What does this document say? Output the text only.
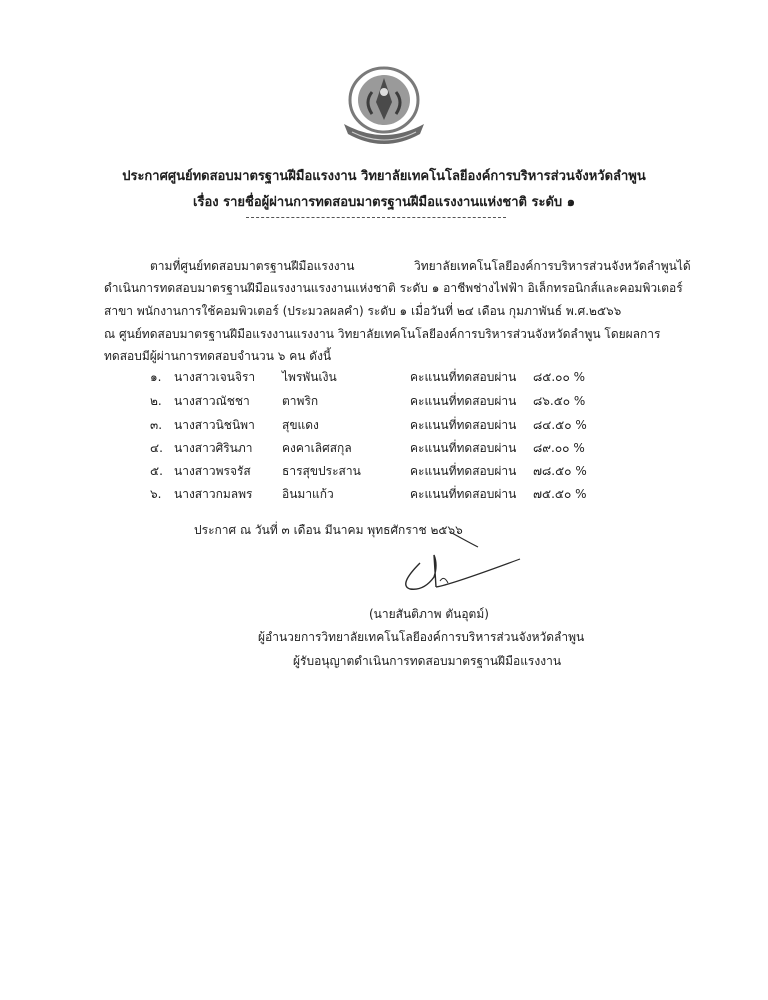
ประกาศศูนย์ทดสอบมาตรฐานฝีมือแรงงาน วิทยาลัยเทคโนโลยีองค์การบริหารส่วนจังหวัดลำพูน
เรื่อง รายชื่อผู้ผ่านการทดสอบมาตรฐานฝีมือแรงงานแห่งชาติ ระดับ ๑
ตามที่ศูนย์ทดสอบมาตรฐานฝีมือแรงงาน	วิทยาลัยเทคโนโลยีองค์การบริหารส่วนจังหวัดลำพูนได้
ดำเนินการทดสอบมาตรฐานฝีมือแรงงานแรงงานแห่งชาติ ระดับ ๑ อาชีพช่างไฟฟ้า อิเล็กทรอนิกส์และคอมพิวเตอร์
สาขา พนักงานการใช้คอมพิวเตอร์ (ประมวลผลคำ) ระดับ ๑ เมื่อวันที่ ๒๔ เดือน กุมภาพันธ์ พ.ศ.๒๕๖๖
ณ ศูนย์ทดสอบมาตรฐานฝีมือแรงงานแรงงาน วิทยาลัยเทคโนโลยีองค์การบริหารส่วนจังหวัดลำพูน โดยผลการ
ทดสอบมีผู้ผ่านการทดสอบจำนวน ๖ คน ดังนี้
๑. นางสาวเจนจิรา ไพรพันเงิน	คะแนนที่ทดสอบผ่าน ๘๕.๐๐ %
๒. นางสาวณัชชา	ตาพริก	คะแนนที่ทดสอบผ่าน ๘๖.๕๐ %
๓. นางสาวนิชนิพา สุขแดง	คะแนนที่ทดสอบผ่าน ๘๔.๕๐ %
๔. นางสาวศิรินภา คงคาเลิศสกุล	คะแนนที่ทดสอบผ่าน ๘๙.๐๐ %
๕. นางสาวพรจรัส	ธารสุขประสาน	คะแนนที่ทดสอบผ่าน ๗๘.๕๐ %
๖. นางสาวกมลพร อินมาแก้ว	คะแนนที่ทดสอบผ่าน ๗๕.๕๐ %
ประกาศ ณ วันที่ ๓ เดือน มีนาคม พุทธศักราช ๒๕๖๖
(นายสันติภาพ ตันอุตม์)
ผู้อำนวยการวิทยาลัยเทคโนโลยีองค์การบริหารส่วนจังหวัดลำพูน
ผู้รับอนุญาตดำเนินการทดสอบมาตรฐานฝีมือแรงงาน
